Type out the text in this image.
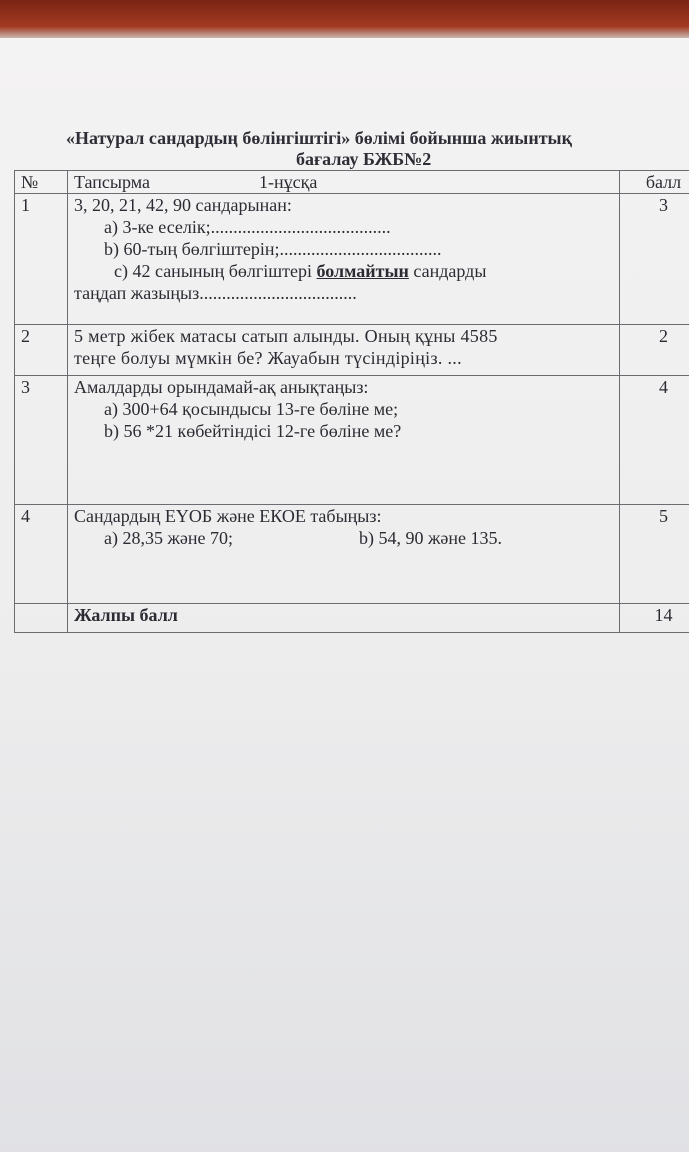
«Натурал сандардың бөлінгіштігі» бөлімі бойынша жиынтық
бағалау БЖБ№2
№	Тапсырма 1-нұсқа	балл
1	3, 20, 21, 42, 90 сандарынан:
a) 3-ке еселік;........................................
b) 60-тың бөлгіштерін;....................................
c) 42 санының бөлгіштері болмайтын сандарды
таңдап жазыңыз...................................	3
2	5 метр жібек матасы сатып алынды. Оның құны 4585
теңге болуы мүмкін бе? Жауабын түсіндіріңіз. ...	2
3	Амалдарды орындамай-ақ анықтаңыз:
a) 300+64 қосындысы 13-ге бөліне ме;
b) 56 *21 көбейтіндісі 12-ге бөліне ме?	4
4	Сандардың ЕҮОБ және ЕКОЕ табыңыз:
a) 28,35 және 70; b) 54, 90 және 135.	5
	Жалпы балл	14
